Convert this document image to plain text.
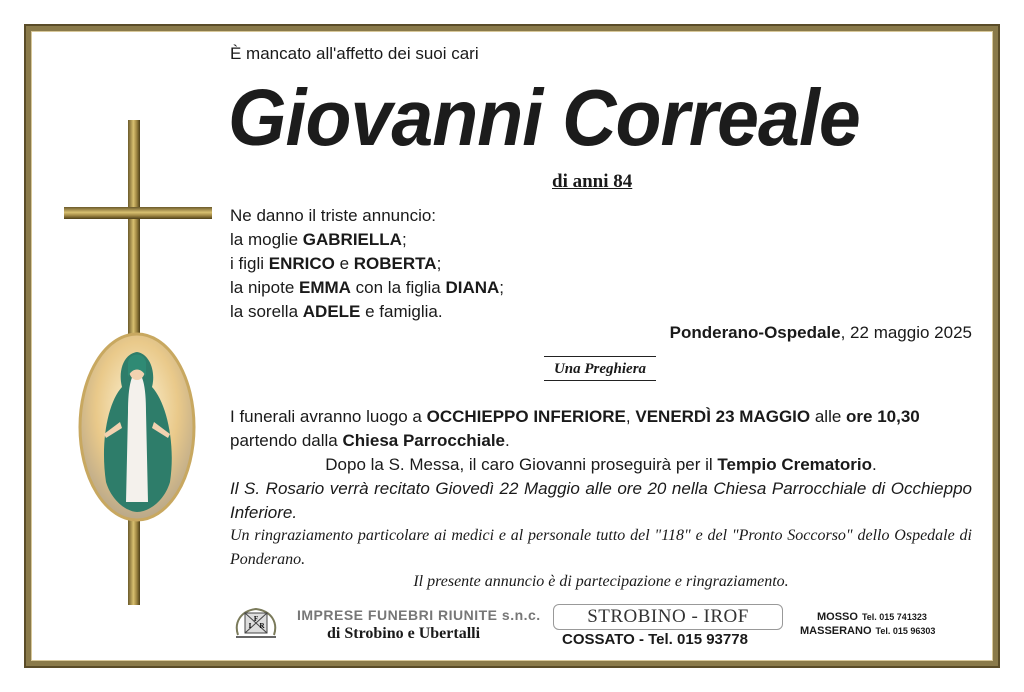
È mancato all'affetto dei suoi cari
Giovanni Correale
di anni 84
Ne danno il triste annuncio:
la moglie GABRIELLA;
i figli ENRICO e ROBERTA;
la nipote EMMA con la figlia DIANA;
la sorella ADELE e famiglia.
Ponderano-Ospedale, 22 maggio 2025
Una Preghiera
I funerali avranno luogo a OCCHIEPPO INFERIORE, VENERDÌ 23 MAGGIO alle ore 10,30
partendo dalla Chiesa Parrocchiale.
Dopo la S. Messa, il caro Giovanni proseguirà per il Tempio Crematorio.
Il S. Rosario verrà recitato Giovedì 22 Maggio alle ore 20 nella Chiesa Parrocchiale di Occhieppo Inferiore.
Un ringraziamento particolare ai medici e al personale tutto del "118" e del "Pronto Soccorso" dello Ospedale di Ponderano.
Il presente annuncio è di partecipazione e ringraziamento.
F
I R
IMPRESE FUNEBRI RIUNITE s.n.c.
di Strobino e Ubertalli
STROBINO - IROF
COSSATO - Tel. 015 93778
MOSSO Tel. 015 741323
MASSERANO Tel. 015 96303
